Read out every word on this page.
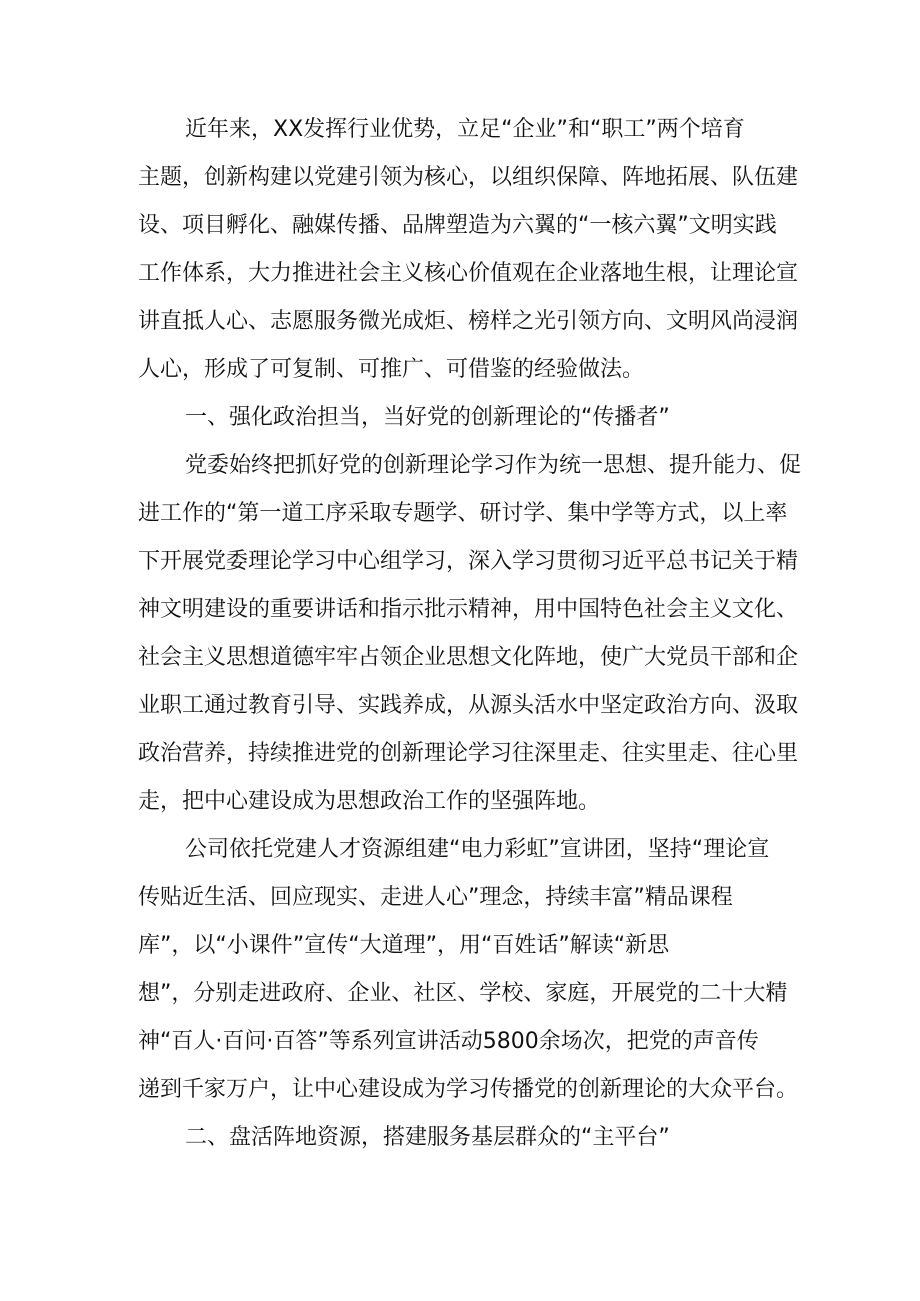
近年来，XX发挥行业优势，立足“企业”和“职工”两个培育
主题，创新构建以党建引领为核心，以组织保障、阵地拓展、队伍建
设、项目孵化、融媒传播、品牌塑造为六翼的“一核六翼”文明实践
工作体系，大力推进社会主义核心价值观在企业落地生根，让理论宣
讲直抵人心、志愿服务微光成炬、榜样之光引领方向、文明风尚浸润
人心，形成了可复制、可推广、可借鉴的经验做法。
一、强化政治担当，当好党的创新理论的“传播者”
党委始终把抓好党的创新理论学习作为统一思想、提升能力、促
进工作的“第一道工序采取专题学、研讨学、集中学等方式，以上率
下开展党委理论学习中心组学习，深入学习贯彻习近平总书记关于精
神文明建设的重要讲话和指示批示精神，用中国特色社会主义文化、
社会主义思想道德牢牢占领企业思想文化阵地，使广大党员干部和企
业职工通过教育引导、实践养成，从源头活水中坚定政治方向、汲取
政治营养，持续推进党的创新理论学习往深里走、往实里走、往心里
走，把中心建设成为思想政治工作的坚强阵地。
公司依托党建人才资源组建“电力彩虹”宣讲团，坚持“理论宣
传贴近生活、回应现实、走进人心”理念，持续丰富”精品课程
库”，以“小课件”宣传“大道理”，用“百姓话”解读“新思
想”，分别走进政府、企业、社区、学校、家庭，开展党的二十大精
神“百人·百问·百答”等系列宣讲活动5800余场次，把党的声音传
递到千家万户，让中心建设成为学习传播党的创新理论的大众平台。
二、盘活阵地资源，搭建服务基层群众的“主平台”
